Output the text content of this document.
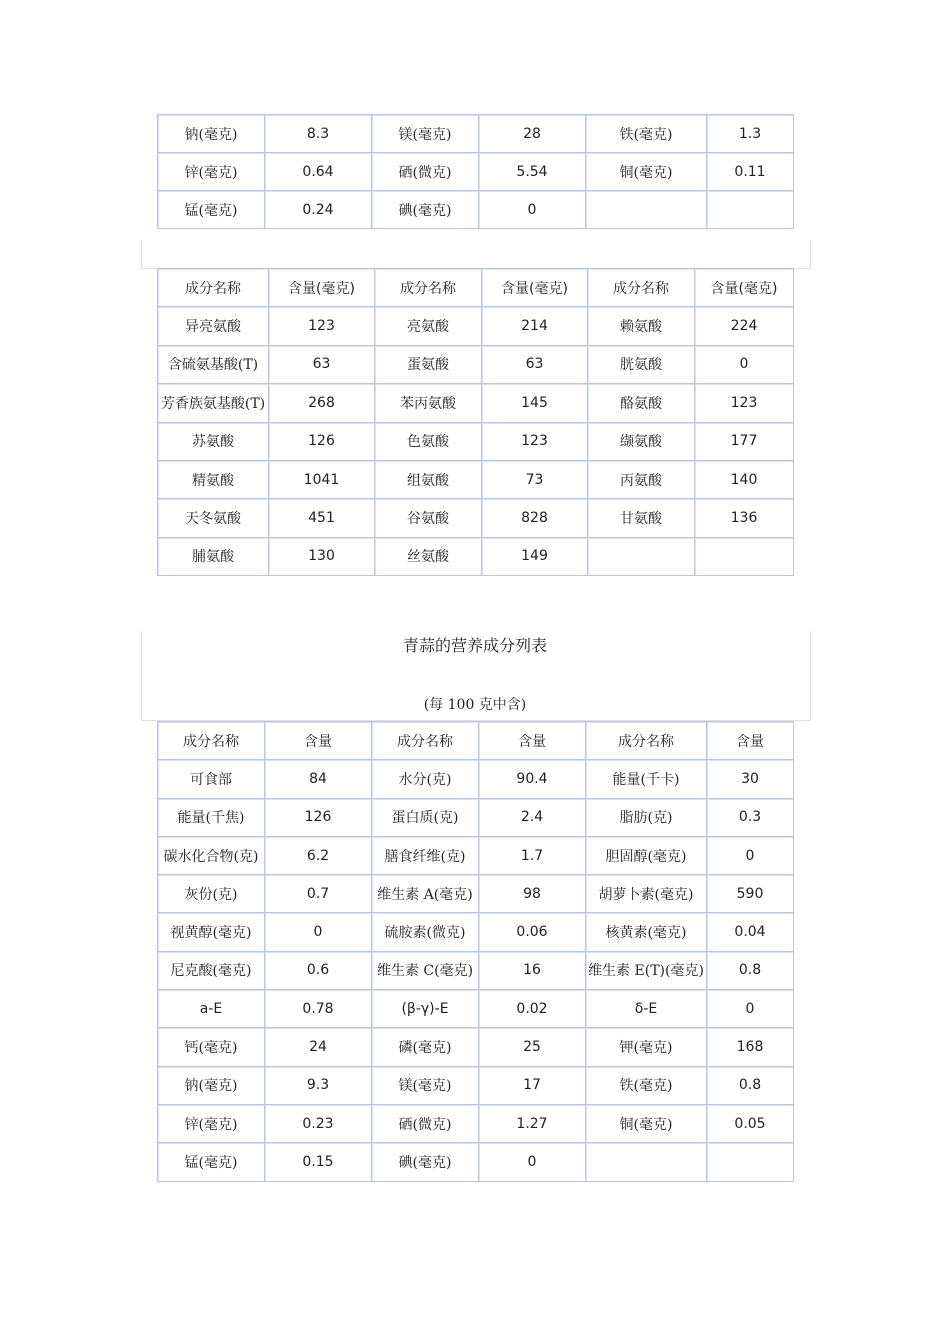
钠(毫克)	8.3	镁(毫克)	28	铁(毫克)	1.3
锌(毫克)	0.64	硒(微克)	5.54	铜(毫克)	0.11
锰(毫克)	0.24	碘(毫克)	0		
成分名称	含量(毫克)	成分名称	含量(毫克)	成分名称	含量(毫克)
异亮氨酸	123	亮氨酸	214	赖氨酸	224
含硫氨基酸(T)	63	蛋氨酸	63	胱氨酸	0
芳香族氨基酸(T)	268	苯丙氨酸	145	酪氨酸	123
苏氨酸	126	色氨酸	123	缬氨酸	177
精氨酸	1041	组氨酸	73	丙氨酸	140
天冬氨酸	451	谷氨酸	828	甘氨酸	136
脯氨酸	130	丝氨酸	149		
青蒜的营养成分列表
(每 100 克中含)
成分名称	含量	成分名称	含量	成分名称	含量
可食部	84	水分(克)	90.4	能量(千卡)	30
能量(千焦)	126	蛋白质(克)	2.4	脂肪(克)	0.3
碳水化合物(克)	6.2	膳食纤维(克)	1.7	胆固醇(毫克)	0
灰份(克)	0.7	维生素 A(毫克)	98	胡萝卜素(毫克)	590
视黄醇(毫克)	0	硫胺素(微克)	0.06	核黄素(毫克)	0.04
尼克酸(毫克)	0.6	维生素 C(毫克)	16	维生素 E(T)(毫克)	0.8
a-E	0.78	(β-γ)-E	0.02	δ-E	0
钙(毫克)	24	磷(毫克)	25	钾(毫克)	168
钠(毫克)	9.3	镁(毫克)	17	铁(毫克)	0.8
锌(毫克)	0.23	硒(微克)	1.27	铜(毫克)	0.05
锰(毫克)	0.15	碘(毫克)	0		
